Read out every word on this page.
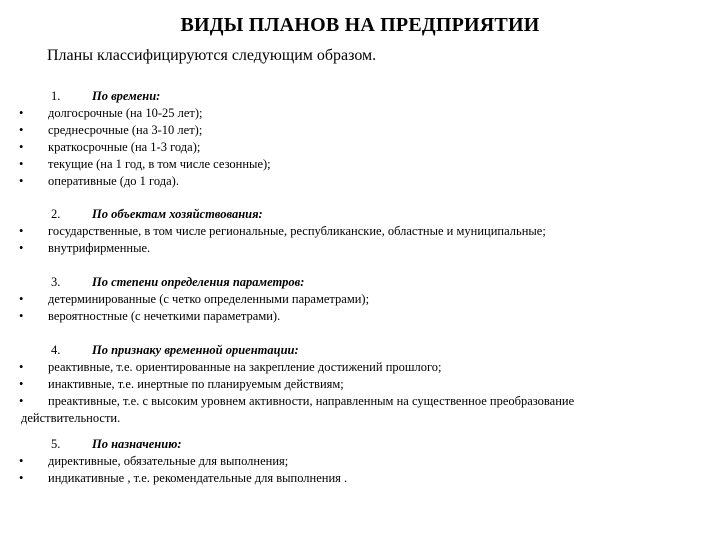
ВИДЫ ПЛАНОВ НА ПРЕДПРИЯТИИ
Планы классифицируются следующим образом.
1.	По времени:
• долгосрочные (на 10-25 лет);
• среднесрочные (на 3-10 лет);
• краткосрочные (на 1-3 года);
• текущие (на 1 год, в том числе сезонные);
• оперативные (до 1 года).
2.	По объектам хозяйствования:
• государственные, в том числе региональные, республиканские, областные и муниципальные;
• внутрифирменные.
3.	По степени определения параметров:
• детерминированные (с четко определенными параметрами);
• вероятностные (с нечеткими параметрами).
4.	По признаку временной ориентации:
• реактивные, т.е. ориентированные на закрепление достижений прошлого;
• инактивные, т.е. инертные по планируемым действиям;
•	преактивные, т.е. с высоким уровнем активности, направленным на существенное преобразование действительности.
5.	По назначению:
• директивные, обязательные для выполнения;
• индикативные , т.е. рекомендательные для выполнения .
